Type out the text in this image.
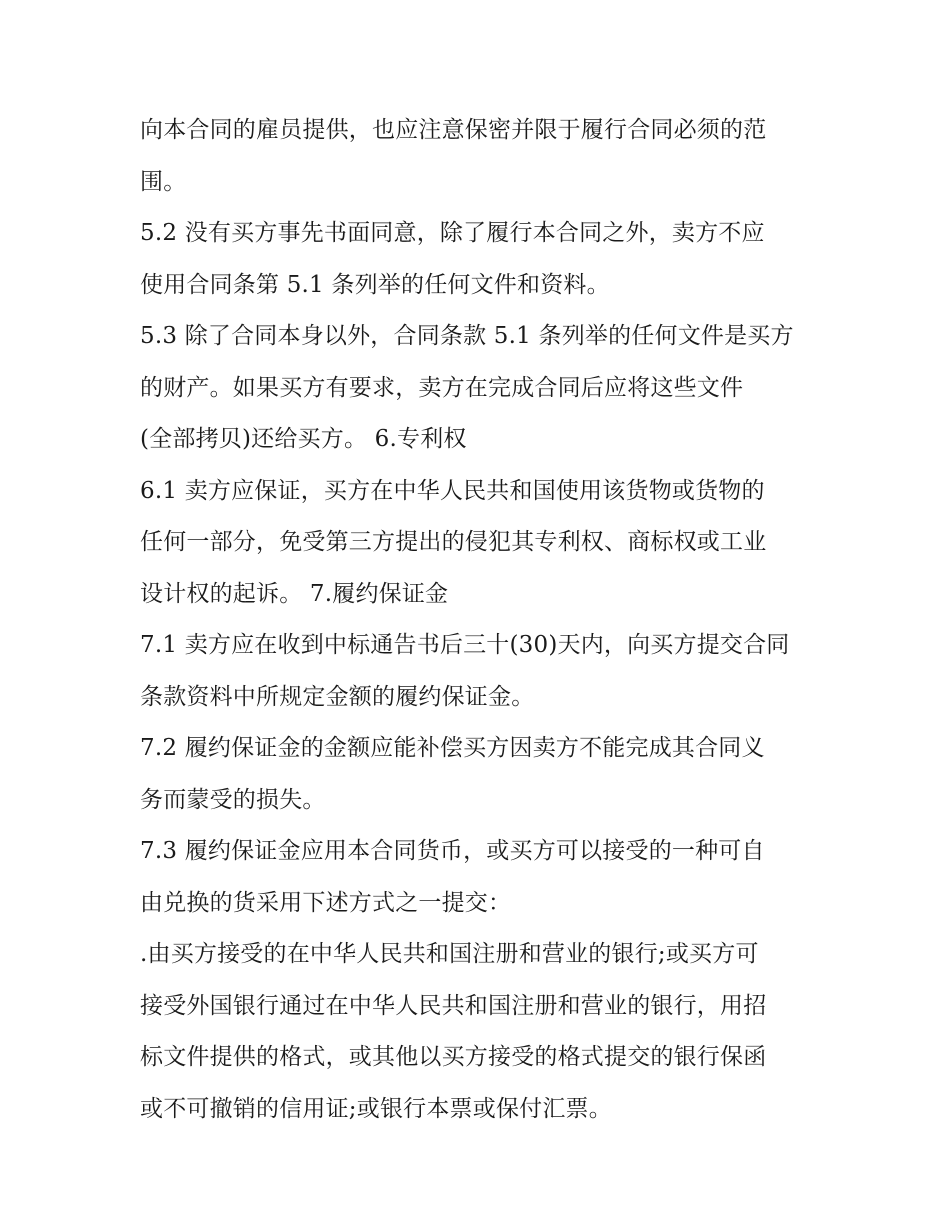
向本合同的雇员提供，也应注意保密并限于履行合同必须的范
围。
5.2 没有买方事先书面同意，除了履行本合同之外，卖方不应
使用合同条第 5.1 条列举的任何文件和资料。
5.3 除了合同本身以外，合同条款 5.1 条列举的任何文件是买方
的财产。如果买方有要求，卖方在完成合同后应将这些文件
(全部拷贝)还给买方。 6.专利权
6.1 卖方应保证，买方在中华人民共和国使用该货物或货物的
任何一部分，免受第三方提出的侵犯其专利权、商标权或工业
设计权的起诉。 7.履约保证金
7.1 卖方应在收到中标通告书后三十(30)天内，向买方提交合同
条款资料中所规定金额的履约保证金。
7.2 履约保证金的金额应能补偿买方因卖方不能完成其合同义
务而蒙受的损失。
7.3 履约保证金应用本合同货币，或买方可以接受的一种可自
由兑换的货采用下述方式之一提交：
.由买方接受的在中华人民共和国注册和营业的银行;或买方可
接受外国银行通过在中华人民共和国注册和营业的银行，用招
标文件提供的格式，或其他以买方接受的格式提交的银行保函
或不可撤销的信用证;或银行本票或保付汇票。
